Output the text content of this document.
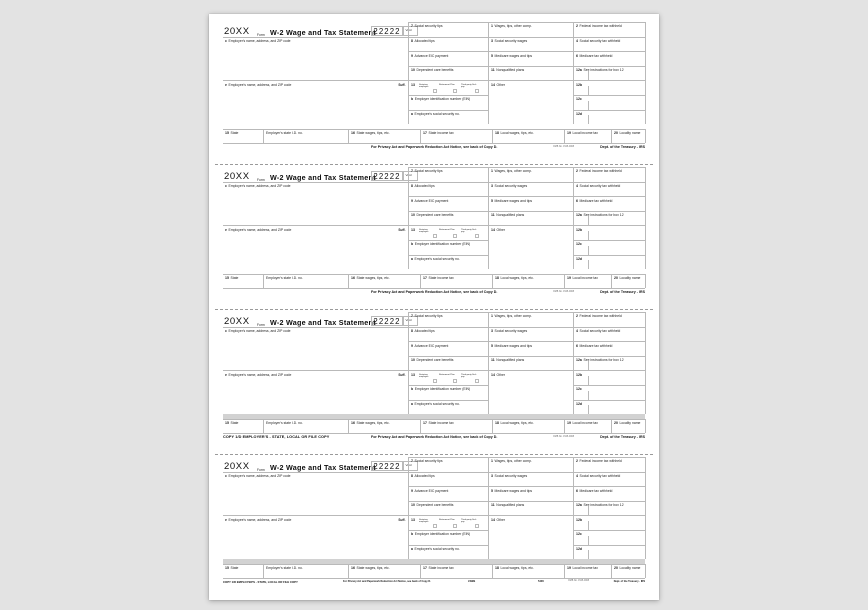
20XX Form W-2 Wage and Tax Statement
22222	Void
c Employer's name, address, and ZIP code
e Employee's name, address, and ZIP code	Suff.
7 Social security tips
8 Allocated tips
9 Advance EIC payment
10 Dependent care benefits
13	Statutory employee
Retirement Plan	Third-party Sick pay
b Employer identification number (EIN)
a Employee's social security no.
1 Wages, tips, other comp.
3 Social security wages
5 Medicare wages and tips
11 Nonqualified plans
14 Other
2 Federal income tax withheld
4 Social security tax withheld
6 Medicare tax withheld
12a See instructions for box 12
12b
12c
12d
15 State	Employer's state I.D. no.	16 State wages, tips, etc.	17 State income tax	18 Local wages, tips, etc.	19 Local income tax	20 Locality name
For Privacy Act and Paperwork Reduction Act Notice, see back of Copy D.	OMB No. 1545-0008	Dept. of the Treasury - IRS
20XX Form W-2 Wage and Tax Statement
22222	Void
c Employer's name, address, and ZIP code
e Employee's name, address, and ZIP code	Suff.
7 Social security tips
8 Allocated tips
9 Advance EIC payment
10 Dependent care benefits
13	Statutory employee
Retirement Plan	Third-party Sick pay
b Employer identification number (EIN)
a Employee's social security no.
1 Wages, tips, other comp.
3 Social security wages
5 Medicare wages and tips
11 Nonqualified plans
14 Other
2 Federal income tax withheld
4 Social security tax withheld
6 Medicare tax withheld
12a See instructions for box 12
12b
12c
12d
15 State	Employer's state I.D. no.	16 State wages, tips, etc.	17 State income tax	18 Local wages, tips, etc.	19 Local income tax	20 Locality name
For Privacy Act and Paperwork Reduction Act Notice, see back of Copy D.	OMB No. 1545-0008	Dept. of the Treasury - IRS
20XX Form W-2 Wage and Tax Statement
22222	Void
c Employer's name, address, and ZIP code
e Employee's name, address, and ZIP code	Suff.
7 Social security tips
8 Allocated tips
9 Advance EIC payment
10 Dependent care benefits
13	Statutory employee
Retirement Plan	Third-party Sick pay
b Employer identification number (EIN)
a Employee's social security no.
1 Wages, tips, other comp.
3 Social security wages
5 Medicare wages and tips
11 Nonqualified plans
14 Other
2 Federal income tax withheld
4 Social security tax withheld
6 Medicare tax withheld
12a See instructions for box 12
12b
12c
12d
15 State	Employer's state I.D. no.	16 State wages, tips, etc.	17 State income tax	18 Local wages, tips, etc.	19 Local income tax	20 Locality name
COPY 1/D EMPLOYER'S - STATE, LOCAL OR FILE COPY	For Privacy Act and Paperwork Reduction Act Notice, see back of Copy D.	OMB No. 1545-0008	Dept. of the Treasury - IRS
20XX Form W-2 Wage and Tax Statement
22222	Void
c Employer's name, address, and ZIP code
e Employee's name, address, and ZIP code	Suff.
7 Social security tips
8 Allocated tips
9 Advance EIC payment
10 Dependent care benefits
13	Statutory employee
Retirement Plan	Third-party Sick pay
b Employer identification number (EIN)
a Employee's social security no.
1 Wages, tips, other comp.
3 Social security wages
5 Medicare wages and tips
11 Nonqualified plans
14 Other
2 Federal income tax withheld
4 Social security tax withheld
6 Medicare tax withheld
12a See instructions for box 12
12b
12c
12d
15 State	Employer's state I.D. no.	16 State wages, tips, etc.	17 State income tax	18 Local wages, tips, etc.	19 Local income tax	20 Locality name
COPY 1/D EMPLOYER'S - STATE, LOCAL OR FILE COPY	For Privacy Act and Paperwork Reduction Act Notice, see back of Copy D.	LW2B	5400	OMB No. 1545-0008	Dept. of the Treasury - IRS
